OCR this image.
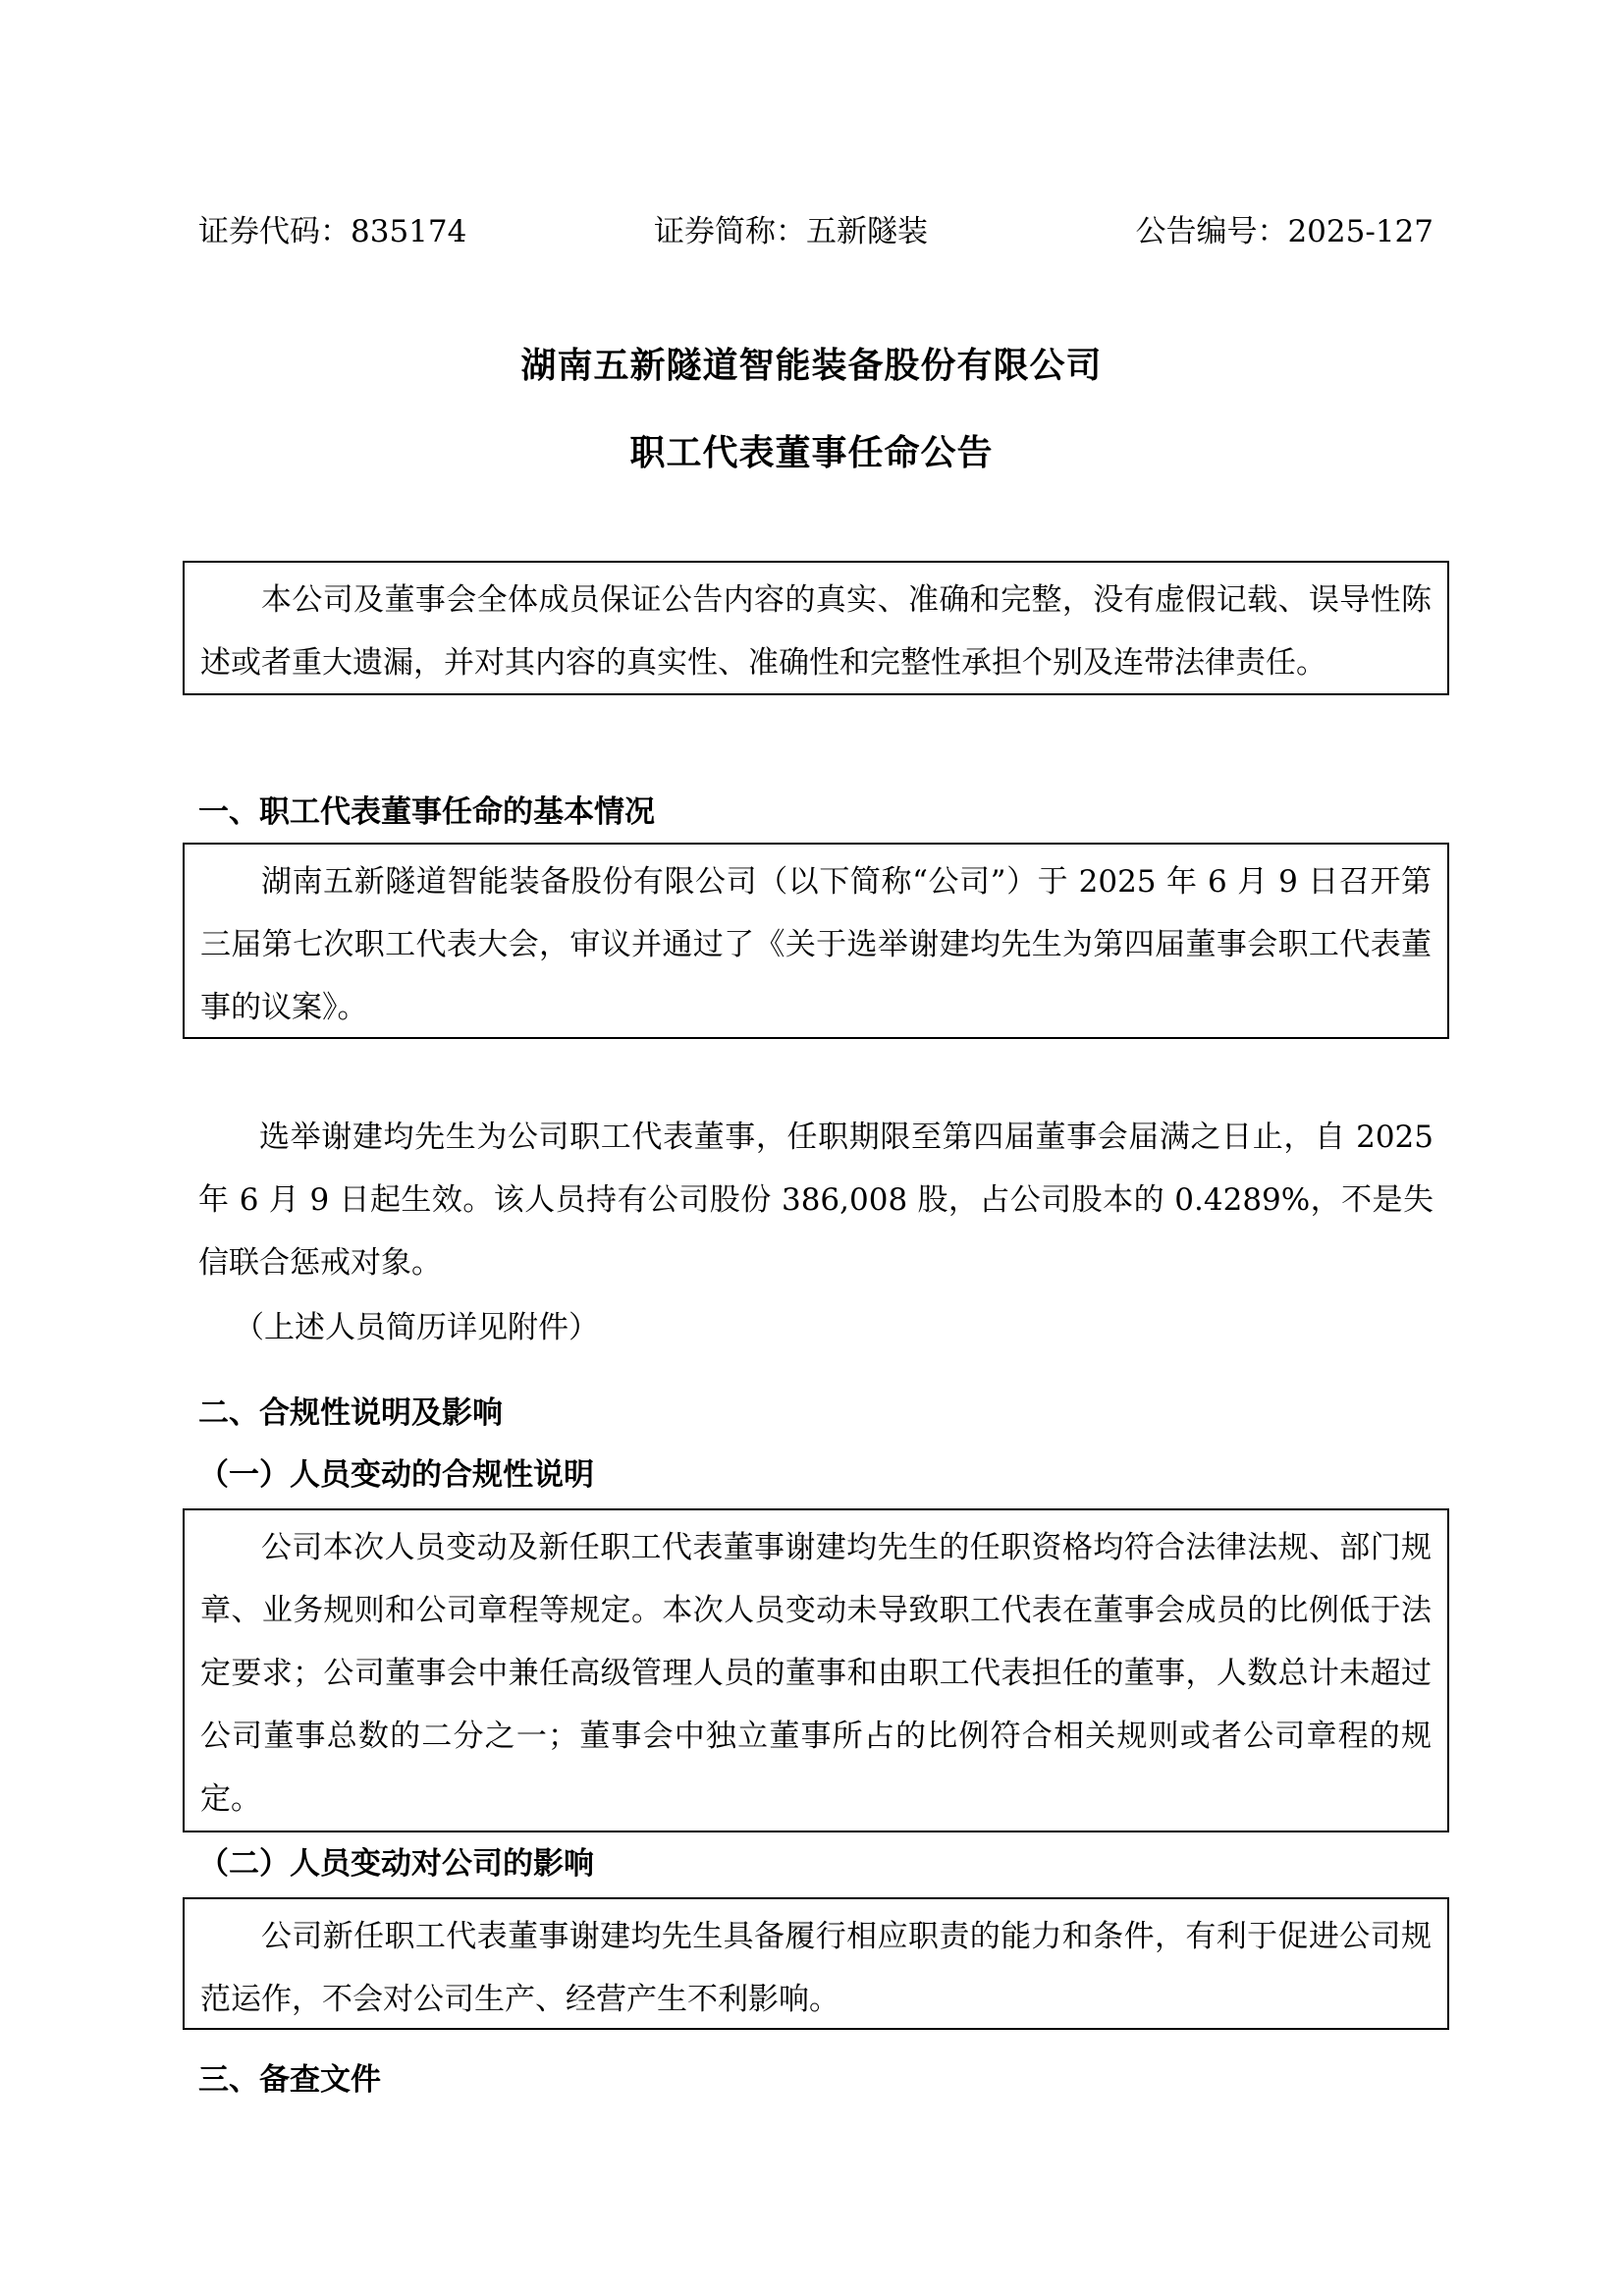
证券代码：835174	证券简称：五新隧装	公告编号：2025-127
湖南五新隧道智能装备股份有限公司
职工代表董事任命公告

本公司及董事会全体成员保证公告内容的真实、准确和完整，没有虚假记载、误导性陈述或者重大遗漏，并对其内容的真实性、准确性和完整性承担个别及连带法律责任。

一、职工代表董事任命的基本情况

湖南五新隧道智能装备股份有限公司（以下简称“公司”）于 2025 年 6 月 9 日召开第三届第七次职工代表大会，审议并通过了《关于选举谢建均先生为第四届董事会职工代表董事的议案》。

选举谢建均先生为公司职工代表董事，任职期限至第四届董事会届满之日止，自 2025 年 6 月 9 日起生效。该人员持有公司股份 386,008 股，占公司股本的 0.4289%，不是失信联合惩戒对象。

（上述人员简历详见附件）
二、合规性说明及影响
（一）人员变动的合规性说明

公司本次人员变动及新任职工代表董事谢建均先生的任职资格均符合法律法规、部门规章、业务规则和公司章程等规定。本次人员变动未导致职工代表在董事会成员的比例低于法定要求；公司董事会中兼任高级管理人员的董事和由职工代表担任的董事，人数总计未超过公司董事总数的二分之一；董事会中独立董事所占的比例符合相关规则或者公司章程的规定。

（二）人员变动对公司的影响

公司新任职工代表董事谢建均先生具备履行相应职责的能力和条件，有利于促进公司规范运作，不会对公司生产、经营产生不利影响。

三、备查文件
